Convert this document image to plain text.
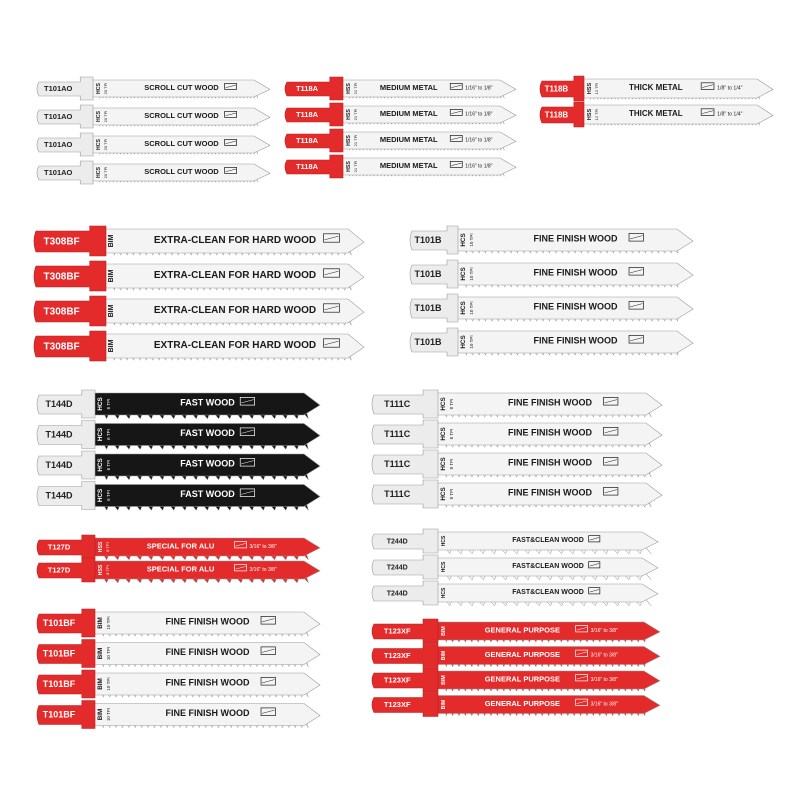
T101AO	HCS 20 TPI	SCROLL CUT WOOD
T101AO	HCS 20 TPI	SCROLL CUT WOOD
T101AO	HCS 20 TPI	SCROLL CUT WOOD
T101AO	HCS 20 TPI	SCROLL CUT WOOD
T118A	HSS 21 TPI	MEDIUM METAL	1/16" to 1/8"
T118A	HSS 21 TPI	MEDIUM METAL	1/16" to 1/8"
T118A	HSS 21 TPI	MEDIUM METAL	1/16" to 1/8"
T118A	HSS 21 TPI	MEDIUM METAL	1/16" to 1/8"
T118B	HSS 12 TPI	THICK METAL	1/8" to 1/4"
T118B	HSS 12 TPI	THICK METAL	1/8" to 1/4"
T308BF	BIM	EXTRA-CLEAN FOR HARD WOOD
T308BF	BIM	EXTRA-CLEAN FOR HARD WOOD
T308BF	BIM	EXTRA-CLEAN FOR HARD WOOD
T308BF	BIM	EXTRA-CLEAN FOR HARD WOOD
T101B	HCS 10 TPI	FINE FINISH WOOD
T101B	HCS 10 TPI	FINE FINISH WOOD
T101B	HCS 10 TPI	FINE FINISH WOOD
T101B	HCS 10 TPI	FINE FINISH WOOD
T144D	HCS 6 TPI	FAST WOOD
T144D	HCS 6 TPI	FAST WOOD
T144D	HCS 6 TPI	FAST WOOD
T144D	HCS 6 TPI	FAST WOOD
T111C	HCS 8 TPI	FINE FINISH WOOD
T111C	HCS 8 TPI	FINE FINISH WOOD
T111C	HCS 8 TPI	FINE FINISH WOOD
T111C	HCS 8 TPI	FINE FINISH WOOD
T127D	HSS 8 TPI	SPECIAL FOR ALU	3/16" to 3/8"
T127D	HSS 8 TPI	SPECIAL FOR ALU	3/16" to 3/8"
T244D	HCS	FAST&CLEAN WOOD
T244D	HCS	FAST&CLEAN WOOD
T244D	HCS	FAST&CLEAN WOOD
T101BF	BIM 10 TPI	FINE FINISH WOOD
T101BF	BIM 10 TPI	FINE FINISH WOOD
T101BF	BIM 10 TPI	FINE FINISH WOOD
T101BF	BIM 10 TPI	FINE FINISH WOOD
T123XF	BIM	GENERAL PURPOSE	3/16" to 3/8"
T123XF	BIM	GENERAL PURPOSE	3/16" to 3/8"
T123XF	BIM	GENERAL PURPOSE	3/16" to 3/8"
T123XF	BIM	GENERAL PURPOSE	3/16" to 3/8"
